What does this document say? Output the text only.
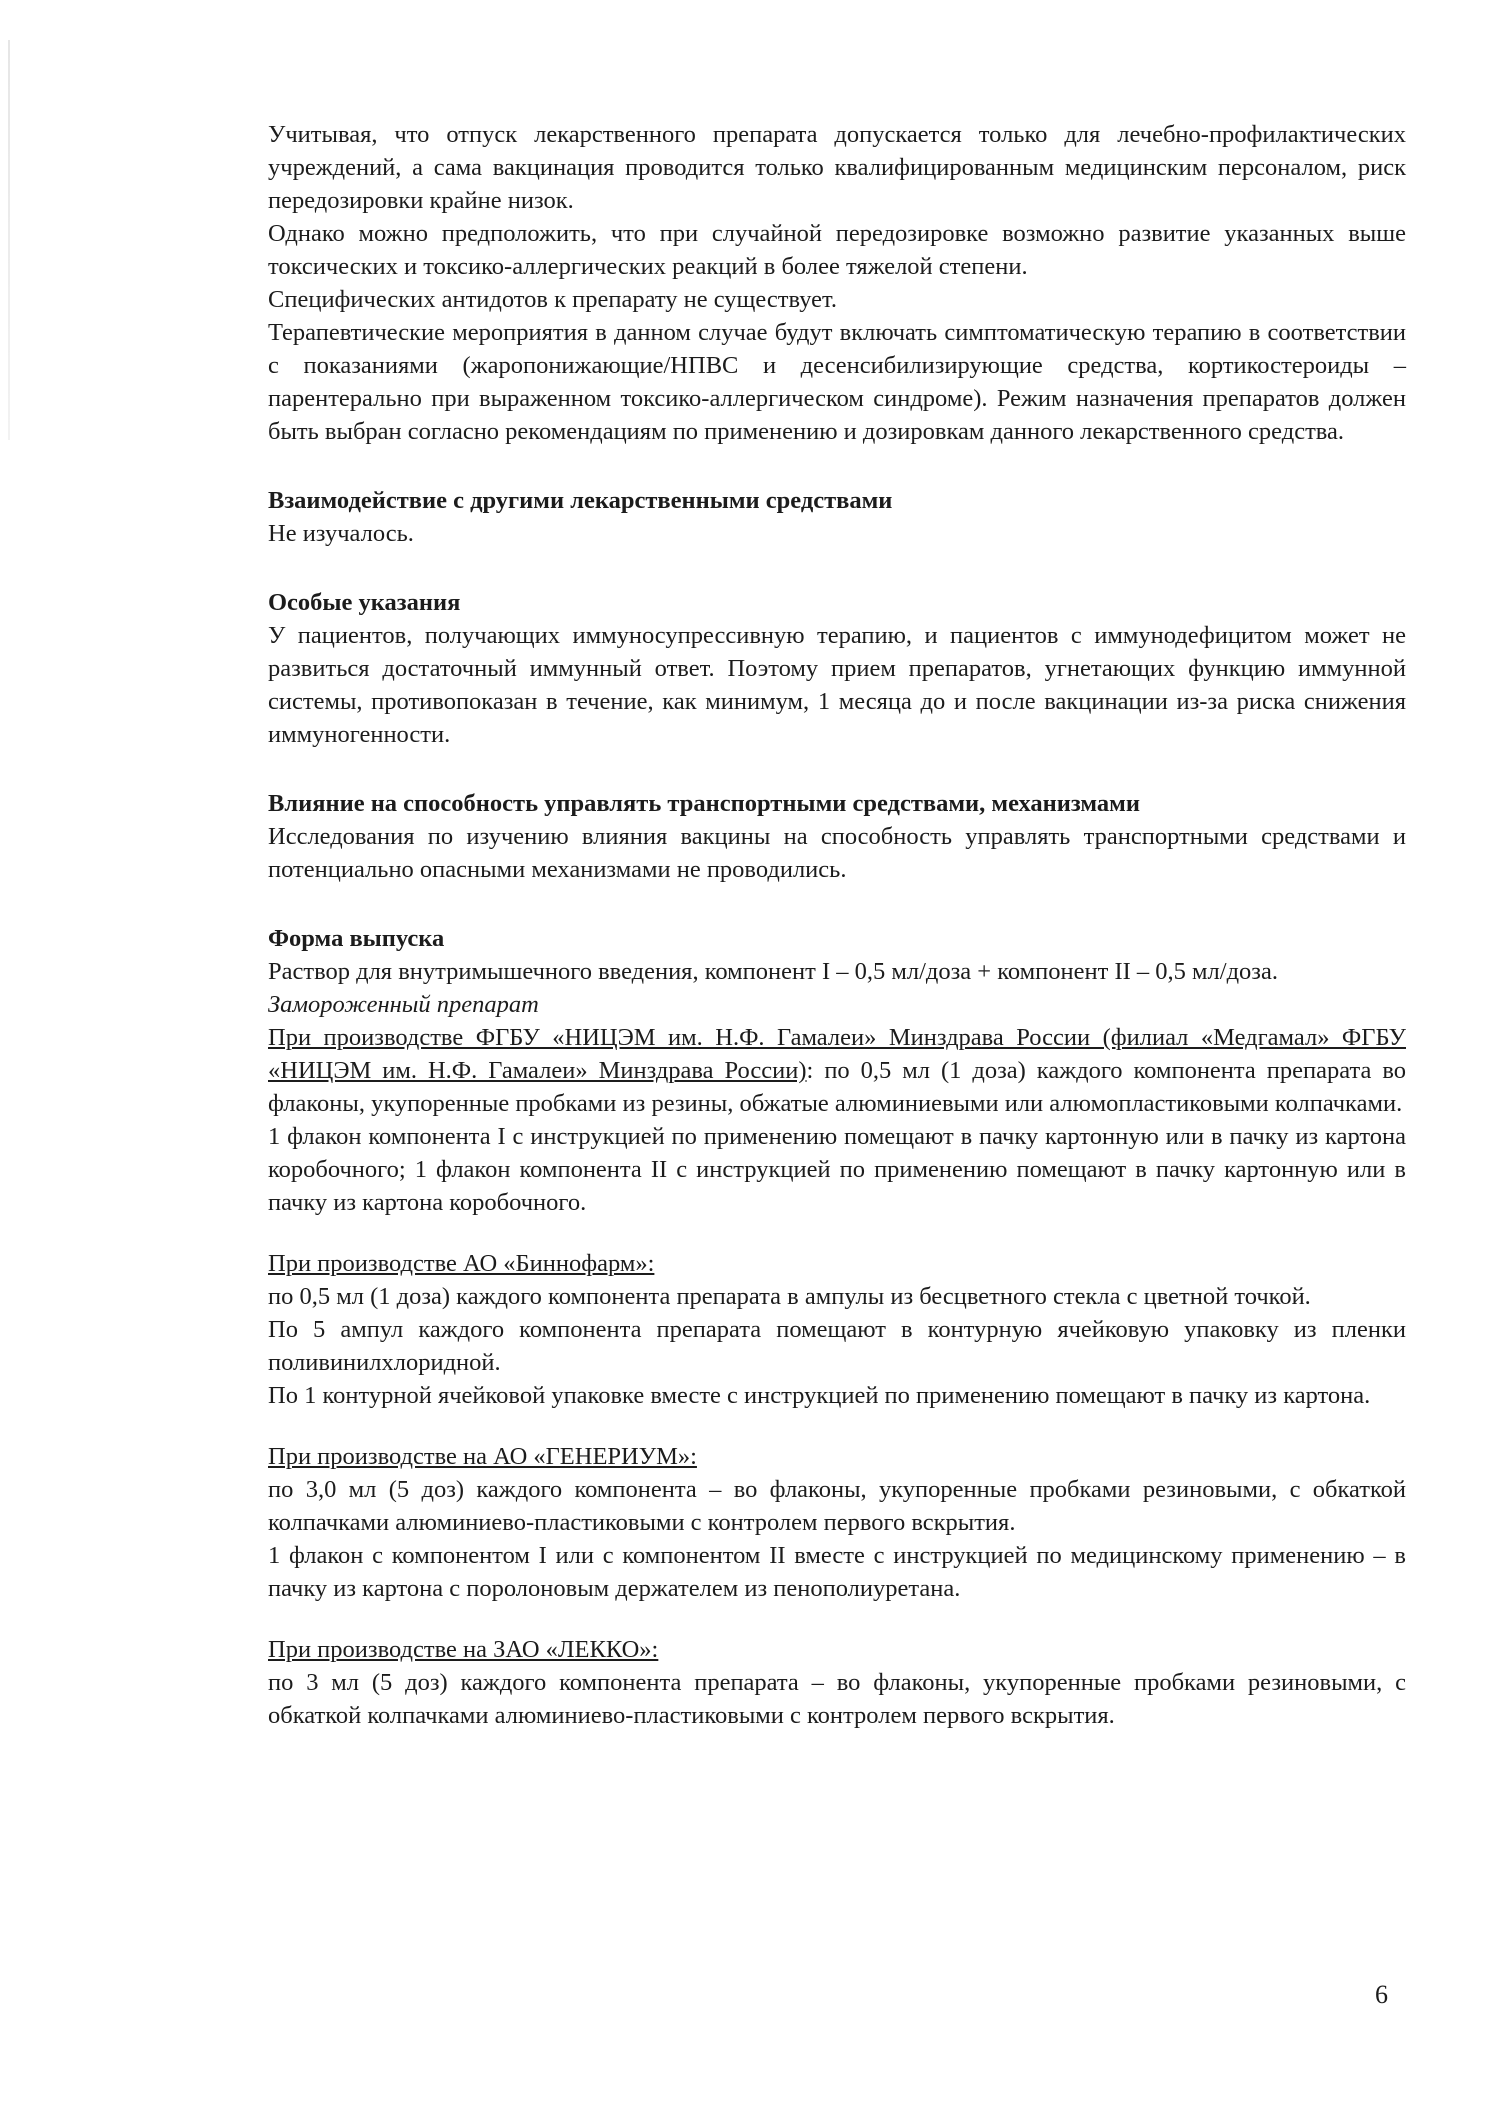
Учитывая, что отпуск лекарственного препарата допускается только для лечебно-профилактических учреждений, а сама вакцинация проводится только квалифицированным медицинским персоналом, риск передозировки крайне низок.

Однако можно предположить, что при случайной передозировке возможно развитие указанных выше токсических и токсико-аллергических реакций в более тяжелой степени.

Специфических антидотов к препарату не существует.

Терапевтические мероприятия в данном случае будут включать симптоматическую терапию в соответствии с показаниями (жаропонижающие/НПВС и десенсибилизирующие средства, кортикостероиды – парентерально при выраженном токсико-аллергическом синдроме). Режим назначения препаратов должен быть выбран согласно рекомендациям по применению и дозировкам данного лекарственного средства.

Взаимодействие с другими лекарственными средствами

Не изучалось.

Особые указания

У пациентов, получающих иммуносупрессивную терапию, и пациентов с иммунодефицитом может не развиться достаточный иммунный ответ. Поэтому прием препаратов, угнетающих функцию иммунной системы, противопоказан в течение, как минимум, 1 месяца до и после вакцинации из-за риска снижения иммуногенности.

Влияние на способность управлять транспортными средствами, механизмами

Исследования по изучению влияния вакцины на способность управлять транспортными средствами и потенциально опасными механизмами не проводились.

Форма выпуска

Раствор для внутримышечного введения, компонент I – 0,5 мл/доза + компонент II – 0,5 мл/доза.

Замороженный препарат

При производстве ФГБУ «НИЦЭМ им. Н.Ф. Гамалеи» Минздрава России (филиал «Медгамал» ФГБУ «НИЦЭМ им. Н.Ф. Гамалеи» Минздрава России): по 0,5 мл (1 доза) каждого компонента препарата во флаконы, укупоренные пробками из резины, обжатые алюминиевыми или алюмопластиковыми колпачками.

1 флакон компонента I с инструкцией по применению помещают в пачку картонную или в пачку из картона коробочного; 1 флакон компонента II с инструкцией по применению помещают в пачку картонную или в пачку из картона коробочного.

При производстве АО «Биннофарм»:

по 0,5 мл (1 доза) каждого компонента препарата в ампулы из бесцветного стекла с цветной точкой.

По 5 ампул каждого компонента препарата помещают в контурную ячейковую упаковку из пленки поливинилхлоридной.

По 1 контурной ячейковой упаковке вместе с инструкцией по применению помещают в пачку из картона.

При производстве на АО «ГЕНЕРИУМ»:

по 3,0 мл (5 доз) каждого компонента – во флаконы, укупоренные пробками резиновыми, с обкаткой колпачками алюминиево-пластиковыми с контролем первого вскрытия.

1 флакон с компонентом I или с компонентом II вместе с инструкцией по медицинскому применению – в пачку из картона с поролоновым держателем из пенополиуретана.

При производстве на ЗАО «ЛЕККО»:

по 3 мл (5 доз) каждого компонента препарата – во флаконы, укупоренные пробками резиновыми, с обкаткой колпачками алюминиево-пластиковыми с контролем первого вскрытия.

6
